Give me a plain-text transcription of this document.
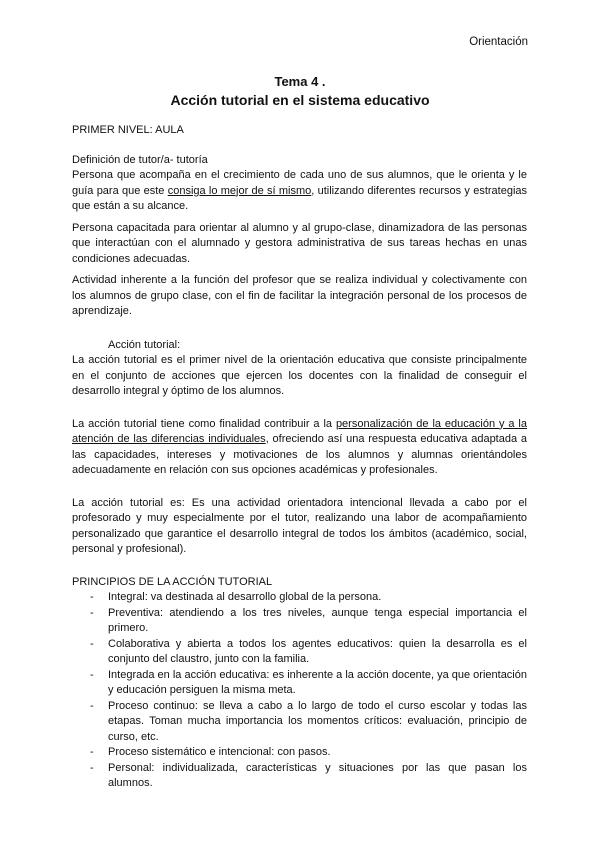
Orientación
Tema 4 .
Acción tutorial en el sistema educativo

PRIMER NIVEL: AULA

Definición de tutor/a- tutoría

Persona que acompaña en el crecimiento de cada uno de sus alumnos, que le orienta y le guía para que este consiga lo mejor de sí mismo, utilizando diferentes recursos y estrategias que están a su alcance.

Persona capacitada para orientar al alumno y al grupo-clase, dinamizadora de las personas que interactúan con el alumnado y gestora administrativa de sus tareas hechas en unas condiciones adecuadas.

Actividad inherente a la función del profesor que se realiza individual y colectivamente con los alumnos de grupo clase, con el fin de facilitar la integración personal de los procesos de aprendizaje.

Acción tutorial:

La acción tutorial es el primer nivel de la orientación educativa que consiste principalmente en el conjunto de acciones que ejercen los docentes con la finalidad de conseguir el desarrollo integral y óptimo de los alumnos.

La acción tutorial tiene como finalidad contribuir a la personalización de la educación y a la atención de las diferencias individuales, ofreciendo así una respuesta educativa adaptada a las capacidades, intereses y motivaciones de los alumnos y alumnas orientándoles adecuadamente en relación con sus opciones académicas y profesionales.

La acción tutorial es: Es una actividad orientadora intencional llevada a cabo por el profesorado y muy especialmente por el tutor, realizando una labor de acompañamiento personalizado que garantice el desarrollo integral de todos los ámbitos (académico, social, personal y profesional).

PRINCIPIOS DE LA ACCIÓN TUTORIAL

- Integral: va destinada al desarrollo global de la persona.
- Preventiva: atendiendo a los tres niveles, aunque tenga especial importancia el primero.
- Colaborativa y abierta a todos los agentes educativos: quien la desarrolla es el conjunto del claustro, junto con la familia.
- Integrada en la acción educativa: es inherente a la acción docente, ya que orientación y educación persiguen la misma meta.
- Proceso continuo: se lleva a cabo a lo largo de todo el curso escolar y todas las etapas. Toman mucha importancia los momentos críticos: evaluación, principio de curso, etc.
- Proceso sistemático e intencional: con pasos.
- Personal: individualizada, características y situaciones por las que pasan los alumnos.
